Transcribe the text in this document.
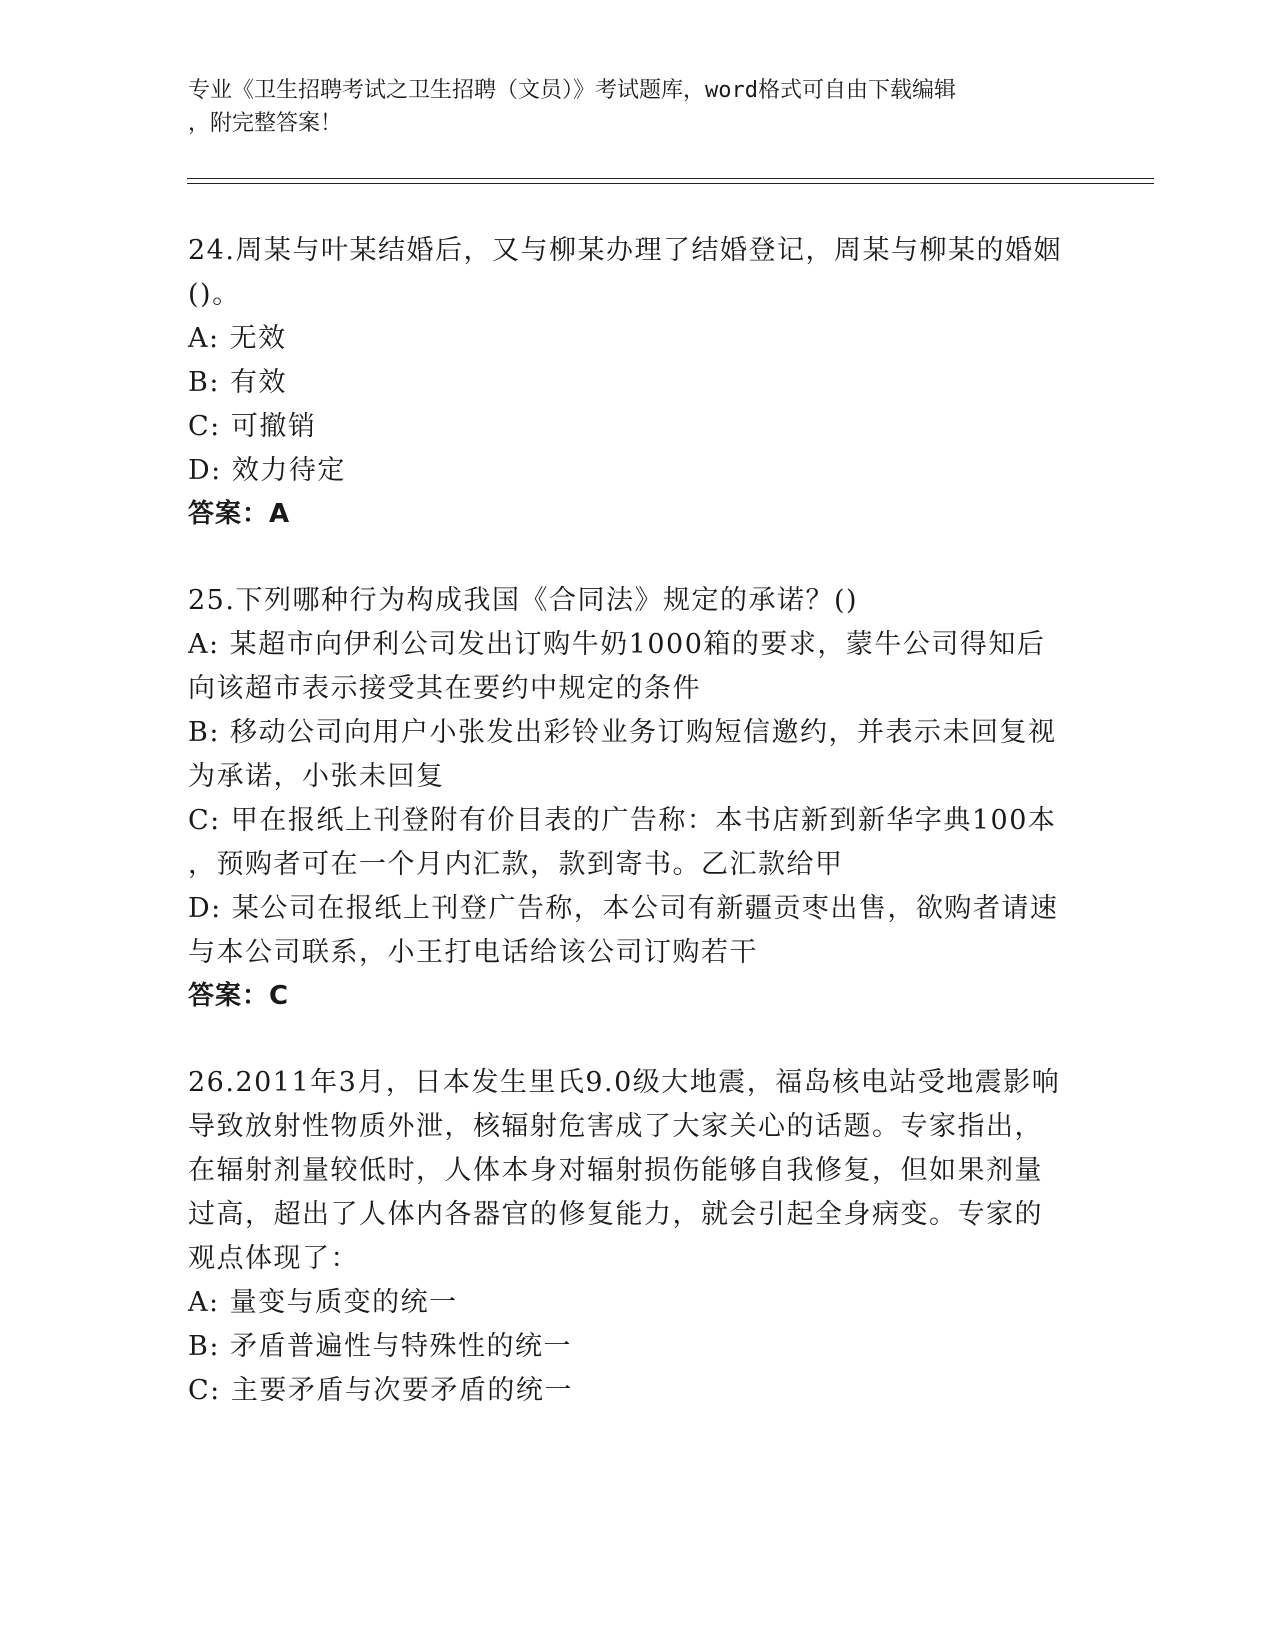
专业《卫生招聘考试之卫生招聘（文员）》考试题库，word格式可自由下载编辑
，附完整答案！
24.周某与叶某结婚后，又与柳某办理了结婚登记，周某与柳某的婚姻
()。
A: 无效
B: 有效
C: 可撤销
D: 效力待定
答案：A
25.下列哪种行为构成我国《合同法》规定的承诺？()
A: 某超市向伊利公司发出订购牛奶1000箱的要求，蒙牛公司得知后
向该超市表示接受其在要约中规定的条件
B: 移动公司向用户小张发出彩铃业务订购短信邀约，并表示未回复视
为承诺，小张未回复
C: 甲在报纸上刊登附有价目表的广告称：本书店新到新华字典100本
，预购者可在一个月内汇款，款到寄书。乙汇款给甲
D: 某公司在报纸上刊登广告称，本公司有新疆贡枣出售，欲购者请速
与本公司联系，小王打电话给该公司订购若干
答案：C
26.2011年3月，日本发生里氏9.0级大地震，福岛核电站受地震影响
导致放射性物质外泄，核辐射危害成了大家关心的话题。专家指出，
在辐射剂量较低时，人体本身对辐射损伤能够自我修复，但如果剂量
过高，超出了人体内各器官的修复能力，就会引起全身病变。专家的
观点体现了：
A: 量变与质变的统一
B: 矛盾普遍性与特殊性的统一
C: 主要矛盾与次要矛盾的统一
